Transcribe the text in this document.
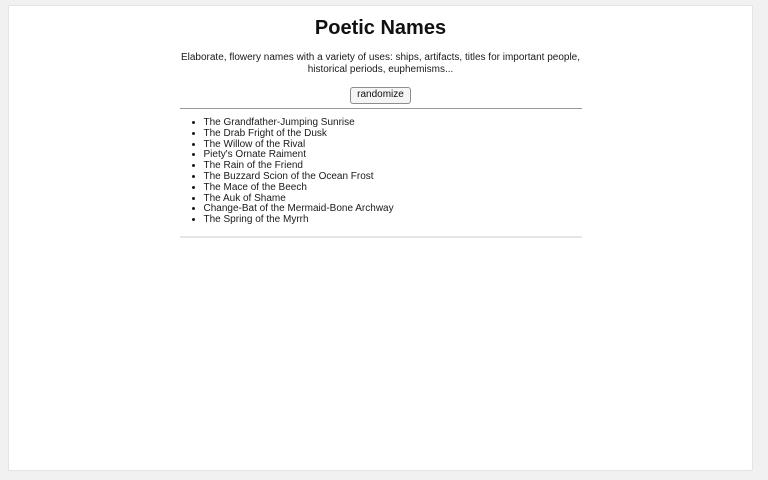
Poetic Names

Elaborate, flowery names with a variety of uses: ships, artifacts, titles for important people,
historical periods, euphemisms...

randomize
• The Grandfather-Jumping Sunrise
• The Drab Fright of the Dusk
• The Willow of the Rival
• Piety's Ornate Raiment
• The Rain of the Friend
• The Buzzard Scion of the Ocean Frost
• The Mace of the Beech
• The Auk of Shame
• Change-Bat of the Mermaid-Bone Archway
• The Spring of the Myrrh
